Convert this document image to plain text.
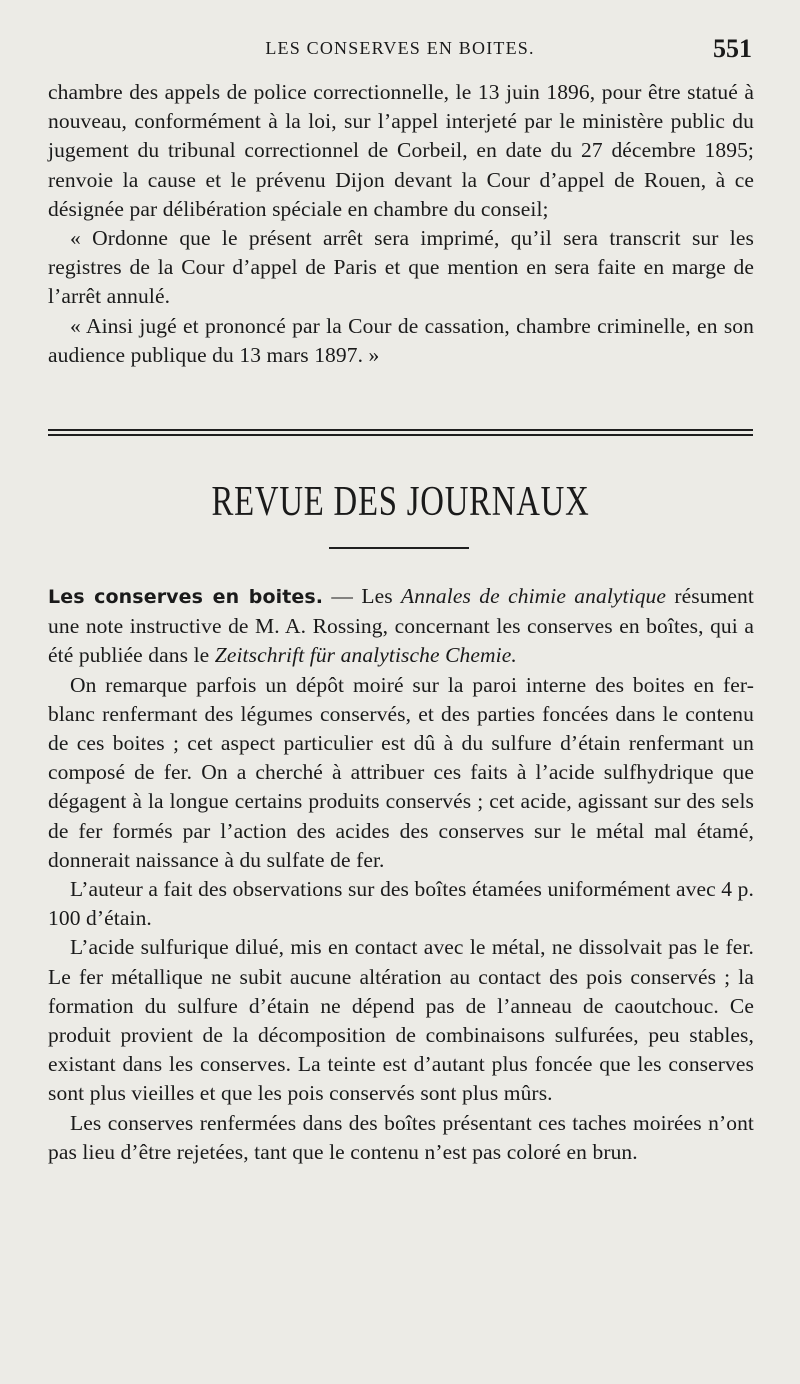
LES CONSERVES EN BOITES.	551

chambre des appels de police correctionnelle, le 13 juin 1896, pour être statué à nouveau, conformément à la loi, sur l’appel interjeté par le ministère public du jugement du tribunal correctionnel de Corbeil, en date du 27 décembre 1895; renvoie la cause et le prévenu Dijon devant la Cour d’appel de Rouen, à ce désignée par délibération spéciale en chambre du conseil;

« Ordonne que le présent arrêt sera imprimé, qu’il sera transcrit sur les registres de la Cour d’appel de Paris et que mention en sera faite en marge de l’arrêt annulé.

« Ainsi jugé et prononcé par la Cour de cassation, chambre criminelle, en son audience publique du 13 mars 1897. »

REVUE DES JOURNAUX

Les conserves en boites. — Les Annales de chimie analytique résument une note instructive de M. A. Rossing, concernant les conserves en boîtes, qui a été publiée dans le Zeitschrift für analytische Chemie.

On remarque parfois un dépôt moiré sur la paroi interne des boites en fer-blanc renfermant des légumes conservés, et des parties foncées dans le contenu de ces boites ; cet aspect particulier est dû à du sulfure d’étain renfermant un composé de fer. On a cherché à attribuer ces faits à l’acide sulfhydrique que dégagent à la longue certains produits conservés ; cet acide, agissant sur des sels de fer formés par l’action des acides des conserves sur le métal mal étamé, donnerait naissance à du sulfate de fer.

L’auteur a fait des observations sur des boîtes étamées uniformément avec 4 p. 100 d’étain.

L’acide sulfurique dilué, mis en contact avec le métal, ne dissolvait pas le fer. Le fer métallique ne subit aucune altération au contact des pois conservés ; la formation du sulfure d’étain ne dépend pas de l’anneau de caoutchouc. Ce produit provient de la décomposition de combinaisons sulfurées, peu stables, existant dans les conserves. La teinte est d’autant plus foncée que les conserves sont plus vieilles et que les pois conservés sont plus mûrs.

Les conserves renfermées dans des boîtes présentant ces taches moirées n’ont pas lieu d’être rejetées, tant que le contenu n’est pas coloré en brun.
